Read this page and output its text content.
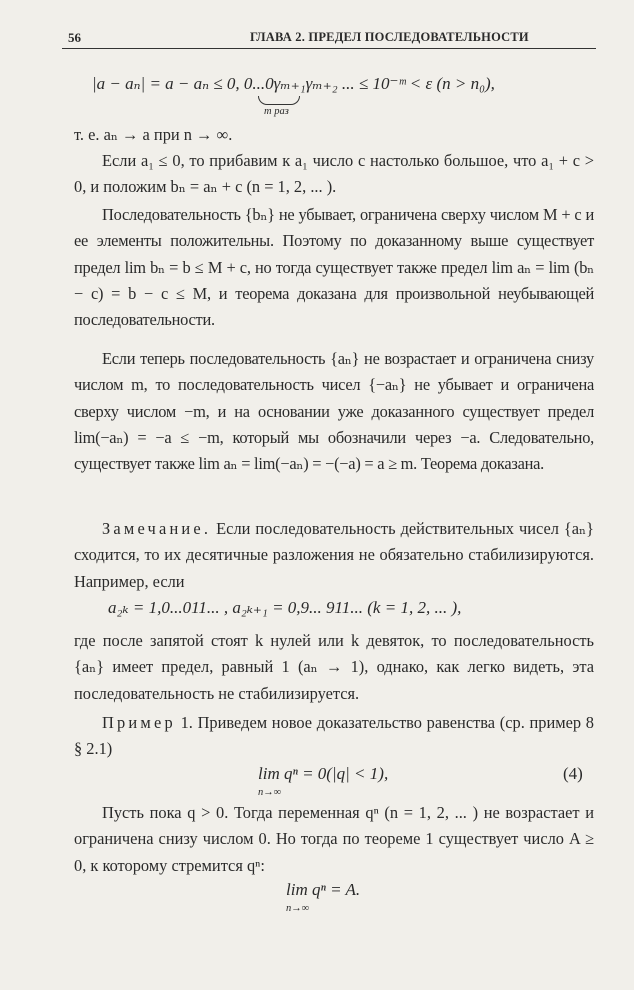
56	ГЛАВА 2. ПРЕДЕЛ ПОСЛЕДОВАТЕЛЬНОСТИ
|a − aₙ| = a − aₙ ≤ 0, 0...0γₘ₊₁γₘ₊₂ ... ≤ 10⁻ᵐ < ε (n > n₀),
m раз

т. е. aₙ → a при n → ∞.

Если a₁ ≤ 0, то прибавим к a₁ число c настолько большое, что a₁ + c > 0, и положим bₙ = aₙ + c (n = 1, 2, ... ).

Последовательность {bₙ} не убывает, ограничена сверху числом M + c и ее элементы положительны. Поэтому по доказанному выше существует предел lim bₙ = b ≤ M + c, но тогда существует также предел lim aₙ = lim (bₙ − c) = b − c ≤ M, и теорема доказана для произвольной неубывающей последовательности.

Если теперь последовательность {aₙ} не возрастает и ограничена снизу числом m, то последовательность чисел {−aₙ} не убывает и ограничена сверху числом −m, и на основании уже доказанного существует предел lim(−aₙ) = −a ≤ −m, который мы обозначили через −a. Следовательно, существует также lim aₙ = lim(−aₙ) = −(−a) = a ≥ m. Теорема доказана.

Замечание. Если последовательность действительных чисел {aₙ} сходится, то их десятичные разложения не обязательно стабилизируются. Например, если

a₂ₖ = 1,0...011... , a₂ₖ₊₁ = 0,9... 911... (k = 1, 2, ... ),

где после запятой стоят k нулей или k девяток, то последовательность {aₙ} имеет предел, равный 1 (aₙ → 1), однако, как легко видеть, эта последовательность не стабилизируется.

Пример 1. Приведем новое доказательство равенства (ср. пример 8 § 2.1)

lim qⁿ = 0(|q| < 1),
n→∞
(4)

Пусть пока q > 0. Тогда переменная qⁿ (n = 1, 2, ... ) не возрастает и ограничена снизу числом 0. Но тогда по теореме 1 существует число A ≥ 0, к которому стремится qⁿ:

lim qⁿ = A.
n→∞
